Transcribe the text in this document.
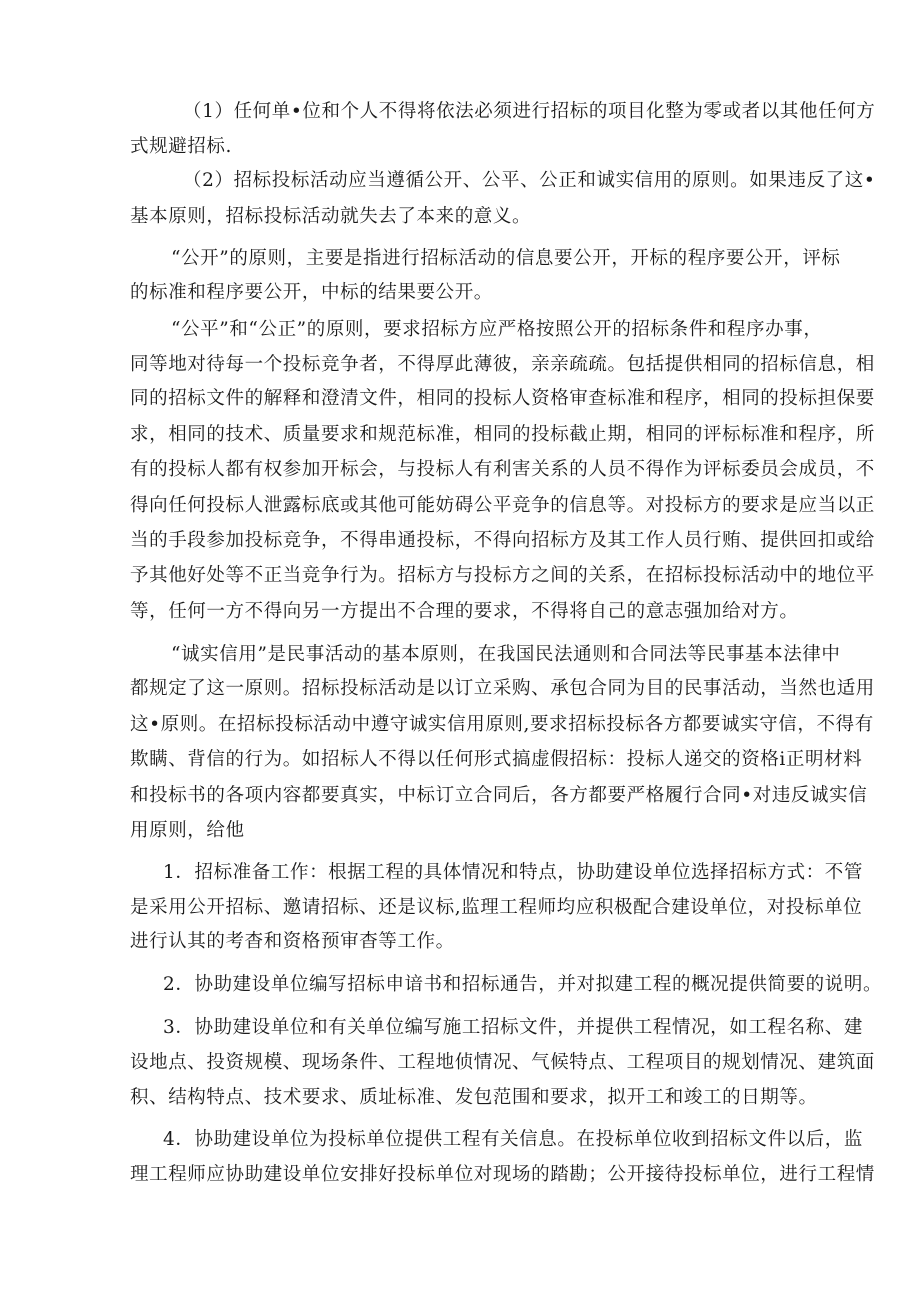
（1）任何单•位和个人不得将依法必须进行招标的项目化整为零或者以其他任何方
式规避招标.
（2）招标投标活动应当遵循公开、公平、公正和诚实信用的原则。如果违反了这•
基本原则，招标投标活动就失去了本来的意义。
“公开”的原则，主要是指进行招标活动的信息要公开，开标的程序要公开，评标
的标准和程序要公开，中标的结果要公开。
“公平”和“公正”的原则，要求招标方应严格按照公开的招标条件和程序办事，
同等地对待每一个投标竞争者，不得厚此薄彼，亲亲疏疏。包括提供相同的招标信息，相
同的招标文件的解释和澄清文件，相同的投标人资格审查标准和程序，相同的投标担保要
求，相同的技术、质量要求和规范标准，相同的投标截止期，相同的评标标准和程序，所
有的投标人都有权参加开标会，与投标人有利害关系的人员不得作为评标委员会成员，不
得向任何投标人泄露标底或其他可能妨碍公平竞争的信息等。对投标方的要求是应当以正
当的手段参加投标竞争，不得串通投标，不得向招标方及其工作人员行贿、提供回扣或给
予其他好处等不正当竞争行为。招标方与投标方之间的关系，在招标投标活动中的地位平
等，任何一方不得向另一方提出不合理的要求，不得将自己的意志强加给对方。
“诚实信用”是民事活动的基本原则，在我国民法通则和合同法等民事基本法律中
都规定了这一原则。招标投标活动是以订立采购、承包合同为目的民事活动，当然也适用
这•原则。在招标投标活动中遵守诚实信用原则,要求招标投标各方都要诚实守信，不得有
欺瞒、背信的行为。如招标人不得以任何形式搞虚假招标：投标人递交的资格i正明材料
和投标书的各项内容都要真实，中标订立合同后，各方都要严格履行合同•对违反诚实信
用原则，给他
1．招标准备工作：根据工程的具体情况和特点，协助建设单位选择招标方式：不管
是采用公开招标、邀请招标、还是议标,监理工程师均应积极配合建设单位，对投标单位
进行认其的考杳和资格预审杳等工作。
2．协助建设单位编写招标申谙书和招标通告，并对拟建工程的概况提供简要的说明。
3．协助建设单位和有关单位编写施工招标文件，并提供工程情况，如工程名称、建
设地点、投资规模、现场条件、工程地侦情况、气候特点、工程项目的规划情况、建筑面
积、结构特点、技术要求、质址标准、发包范围和要求，拟开工和竣工的日期等。
4．协助建设单位为投标单位提供工程有关信息。在投标单位收到招标文件以后，监
理工程师应协助建设单位安排好投标单位对现场的踏勘；公开接待投标单位，进行工程情
